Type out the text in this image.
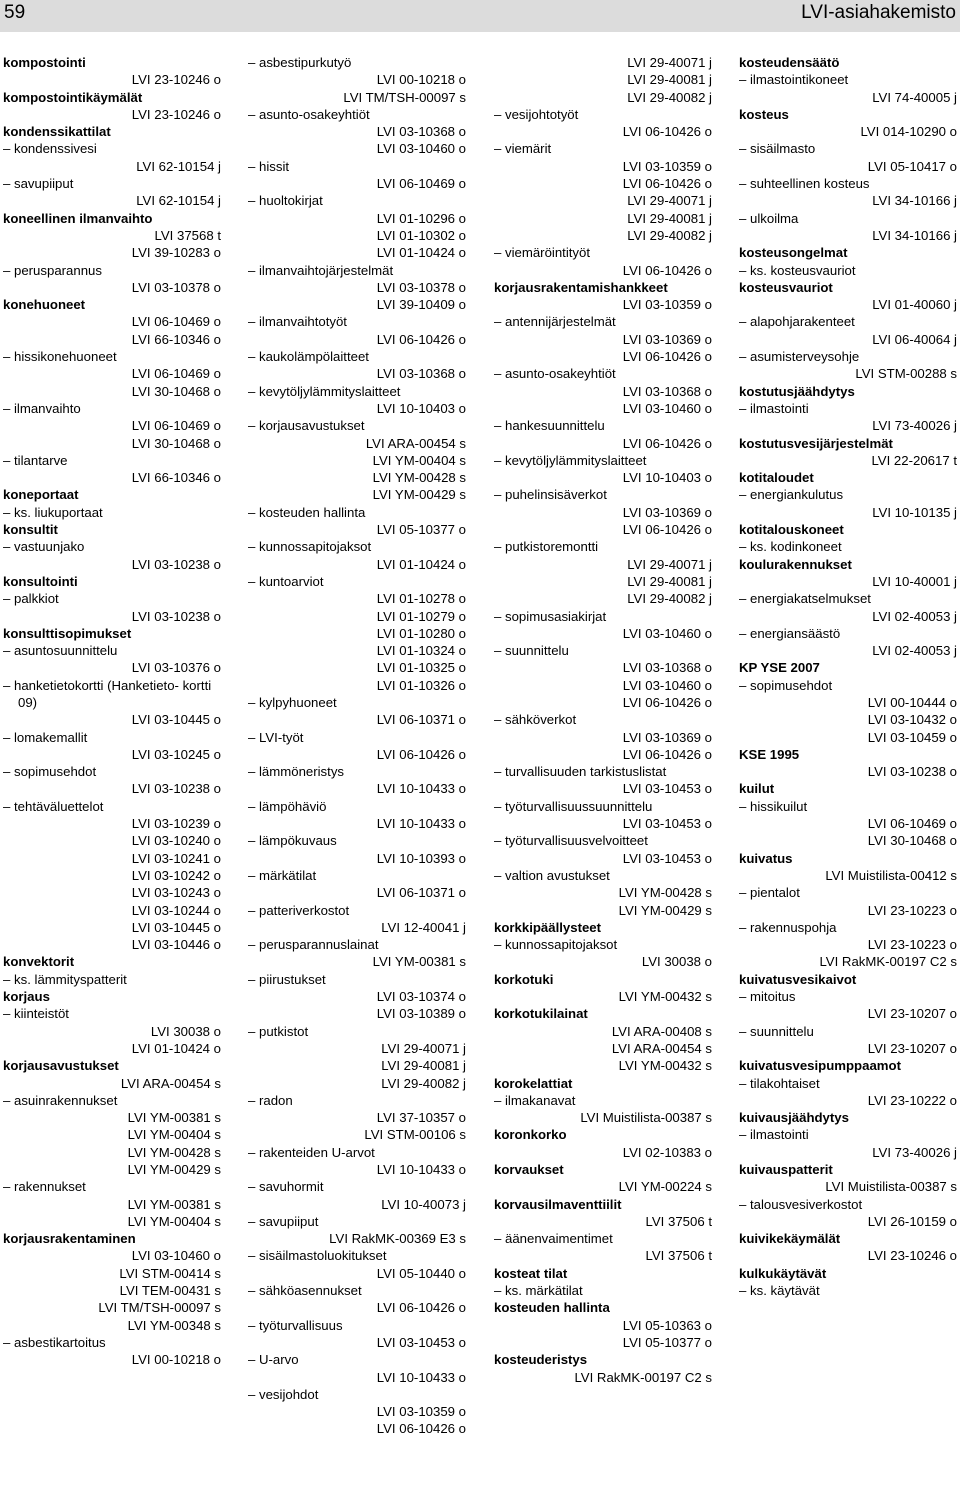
59	LVI-asiahakemisto
kompostointi
LVI 23-10246 o
kompostointikäymälät
LVI 23-10246 o
kondenssikattilat
– kondenssivesi
LVI 62-10154 j
– savupiiput
LVI 62-10154 j
koneellinen ilmanvaihto
LVI 37568 t
LVI 39-10283 o
– perusparannus
LVI 03-10378 o
konehuoneet
LVI 06-10469 o
LVI 66-10346 o
– hissikonehuoneet
LVI 06-10469 o
LVI 30-10468 o
– ilmanvaihto
LVI 06-10469 o
LVI 30-10468 o
– tilantarve
LVI 66-10346 o
koneportaat
– ks. liukuportaat
konsultit
– vastuunjako
LVI 03-10238 o
konsultointi
– palkkiot
LVI 03-10238 o
konsulttisopimukset
– asuntosuunnittelu
LVI 03-10376 o
– hanketietokortti (Hanketieto- kortti 09)
LVI 03-10445 o
– lomakemallit
LVI 03-10245 o
– sopimusehdot
LVI 03-10238 o
– tehtäväluettelot
LVI 03-10239 o
LVI 03-10240 o
LVI 03-10241 o
LVI 03-10242 o
LVI 03-10243 o
LVI 03-10244 o
LVI 03-10445 o
LVI 03-10446 o
konvektorit
– ks. lämmityspatterit
korjaus
– kiinteistöt
LVI 30038 o
LVI 01-10424 o
korjausavustukset
LVI ARA-00454 s
– asuinrakennukset
LVI YM-00381 s
LVI YM-00404 s
LVI YM-00428 s
LVI YM-00429 s
– rakennukset
LVI YM-00381 s
LVI YM-00404 s
korjausrakentaminen
LVI 03-10460 o
LVI STM-00414 s
LVI TEM-00431 s
LVI TM/TSH-00097 s
LVI YM-00348 s
– asbestikartoitus
LVI 00-10218 o
– asbestipurkutyö
LVI 00-10218 o
LVI TM/TSH-00097 s
– asunto-osakeyhtiöt
LVI 03-10368 o
LVI 03-10460 o
– hissit
LVI 06-10469 o
– huoltokirjat
LVI 01-10296 o
LVI 01-10302 o
LVI 01-10424 o
– ilmanvaihtojärjestelmät
LVI 03-10378 o
LVI 39-10409 o
– ilmanvaihtotyöt
LVI 06-10426 o
– kaukolämpölaitteet
LVI 03-10368 o
– kevytöljylämmityslaitteet
LVI 10-10403 o
– korjausavustukset
LVI ARA-00454 s
LVI YM-00404 s
LVI YM-00428 s
LVI YM-00429 s
– kosteuden hallinta
LVI 05-10377 o
– kunnossapitojaksot
LVI 01-10424 o
– kuntoarviot
LVI 01-10278 o
LVI 01-10279 o
LVI 01-10280 o
LVI 01-10324 o
LVI 01-10325 o
LVI 01-10326 o
– kylpyhuoneet
LVI 06-10371 o
– LVI-työt
LVI 06-10426 o
– lämmöneristys
LVI 10-10433 o
– lämpöhäviö
LVI 10-10433 o
– lämpökuvaus
LVI 10-10393 o
– märkätilat
LVI 06-10371 o
– patteriverkostot
LVI 12-40041 j
– perusparannuslainat
LVI YM-00381 s
– piirustukset
LVI 03-10374 o
LVI 03-10389 o
– putkistot
LVI 29-40071 j
LVI 29-40081 j
LVI 29-40082 j
– radon
LVI 37-10357 o
LVI STM-00106 s
– rakenteiden U-arvot
LVI 10-10433 o
– savuhormit
LVI 10-40073 j
– savupiiput
LVI RakMK-00369 E3 s
– sisäilmastoluokitukset
LVI 05-10440 o
– sähköasennukset
LVI 06-10426 o
– työturvallisuus
LVI 03-10453 o
– U-arvo
LVI 10-10433 o
– vesijohdot
LVI 03-10359 o
LVI 06-10426 o
LVI 29-40071 j
LVI 29-40081 j
LVI 29-40082 j
– vesijohtotyöt
LVI 06-10426 o
– viemärit
LVI 03-10359 o
LVI 06-10426 o
LVI 29-40071 j
LVI 29-40081 j
LVI 29-40082 j
– viemäröintityöt
LVI 06-10426 o
korjausrakentamishankkeet
LVI 03-10359 o
– antennijärjestelmät
LVI 03-10369 o
LVI 06-10426 o
– asunto-osakeyhtiöt
LVI 03-10368 o
LVI 03-10460 o
– hankesuunnittelu
LVI 06-10426 o
– kevytöljylämmityslaitteet
LVI 10-10403 o
– puhelinsisäverkot
LVI 03-10369 o
LVI 06-10426 o
– putkistoremontti
LVI 29-40071 j
LVI 29-40081 j
LVI 29-40082 j
– sopimusasiakirjat
LVI 03-10460 o
– suunnittelu
LVI 03-10368 o
LVI 03-10460 o
LVI 06-10426 o
– sähköverkot
LVI 03-10369 o
LVI 06-10426 o
– turvallisuuden tarkistuslistat
LVI 03-10453 o
– työturvallisuussuunnittelu
LVI 03-10453 o
– työturvallisuusvelvoitteet
LVI 03-10453 o
– valtion avustukset
LVI YM-00428 s
LVI YM-00429 s
korkkipäällysteet
– kunnossapitojaksot
LVI 30038 o
korkotuki
LVI YM-00432 s
korkotukilainat
LVI ARA-00408 s
LVI ARA-00454 s
LVI YM-00432 s
korokelattiat
– ilmakanavat
LVI Muistilista-00387 s
koronkorko
LVI 02-10383 o
korvaukset
LVI YM-00224 s
korvausilmaventtiilit
LVI 37506 t
– äänenvaimentimet
LVI 37506 t
kosteat tilat
– ks. märkätilat
kosteuden hallinta
LVI 05-10363 o
LVI 05-10377 o
kosteuderistys
LVI RakMK-00197 C2 s
kosteudensäätö
– ilmastointikoneet
LVI 74-40005 j
kosteus
LVI 014-10290 o
– sisäilmasto
LVI 05-10417 o
– suhteellinen kosteus
LVI 34-10166 j
– ulkoilma
LVI 34-10166 j
kosteusongelmat
– ks. kosteusvauriot
kosteusvauriot
LVI 01-40060 j
– alapohjarakenteet
LVI 06-40064 j
– asumisterveysohje
LVI STM-00288 s
kostutusjäähdytys
– ilmastointi
LVI 73-40026 j
kostutusvesijärjestelmät
LVI 22-20617 t
kotitaloudet
– energiankulutus
LVI 10-10135 j
kotitalouskoneet
– ks. kodinkoneet
koulurakennukset
LVI 10-40001 j
– energiakatselmukset
LVI 02-40053 j
– energiansäästö
LVI 02-40053 j
KP YSE 2007
– sopimusehdot
LVI 00-10444 o
LVI 03-10432 o
LVI 03-10459 o
KSE 1995
LVI 03-10238 o
kuilut
– hissikuilut
LVI 06-10469 o
LVI 30-10468 o
kuivatus
LVI Muistilista-00412 s
– pientalot
LVI 23-10223 o
– rakennuspohja
LVI 23-10223 o
LVI RakMK-00197 C2 s
kuivatusvesikaivot
– mitoitus
LVI 23-10207 o
– suunnittelu
LVI 23-10207 o
kuivatusvesipumppaamot
– tilakohtaiset
LVI 23-10222 o
kuivausjäähdytys
– ilmastointi
LVI 73-40026 j
kuivauspatterit
LVI Muistilista-00387 s
– talousvesiverkostot
LVI 26-10159 o
kuivikekäymälät
LVI 23-10246 o
kulkukäytävät
– ks. käytävät
